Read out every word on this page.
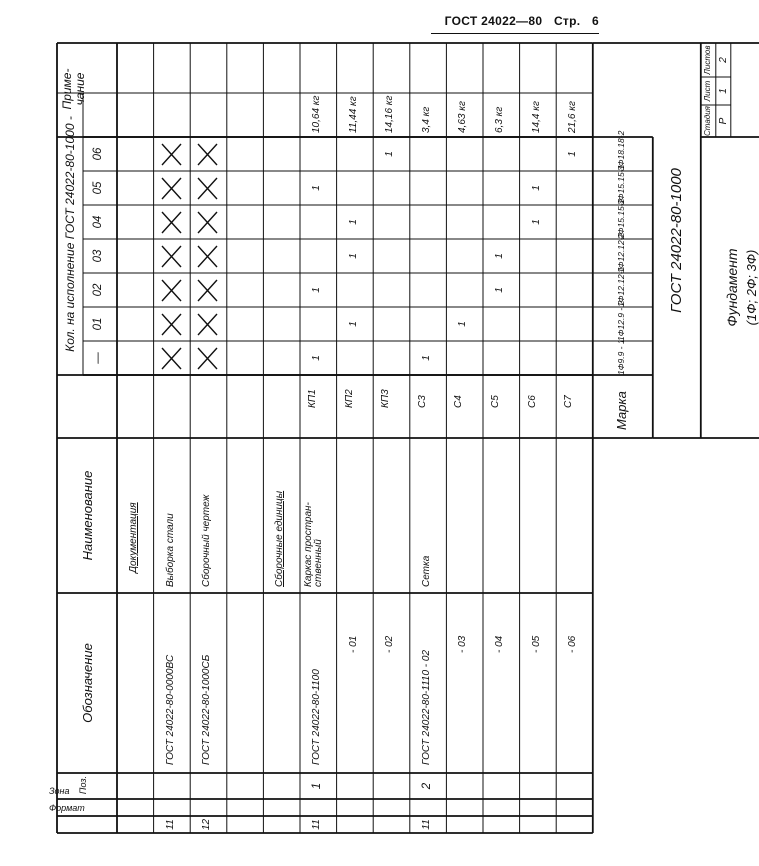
ГОСТ 24022—80 Стр. 6
Формат
Зона Поз.
Обозначение
Наименование
Кол. на исполнение ГОСТ 24022-80-1000 -
Приме-
чание
ГОСТ 24022-80-1000	Фундамент (1Ф; 2Ф; 3Ф)
Стадия
Лист
Листов
Р
1
2
Марка
—
01
02
03
04
05
06
Документация
11
ГОСТ 24022-80-0000ВС
Выборка стали
12
ГОСТ 24022-80-1000СБ
Сборочный чертеж	Сборочные единицы
11
1
ГОСТ 24022-80-1100
Каркас простран-
ственный
КП1
1
1
1
10,64 кг
- 01
КП2
1
1
1
11,44 кг
- 02
КП3
1
14,16 кг
11
2
ГОСТ 24022-80-1110 - 02
Сетка
С3
1
3,4 кг
- 03
С4
1
4,63 кг
- 04
С5
1
1
6,3 кг
- 05
С6
1
1
14,4 кг
- 06
С7
1
21,6 кг
1Ф9.9 - 1
1Ф12.9 - 2
1Ф12.12-1
1Ф12.12-2
2Ф15.15-2
3Ф15.15-1
3Ф18.18-2
